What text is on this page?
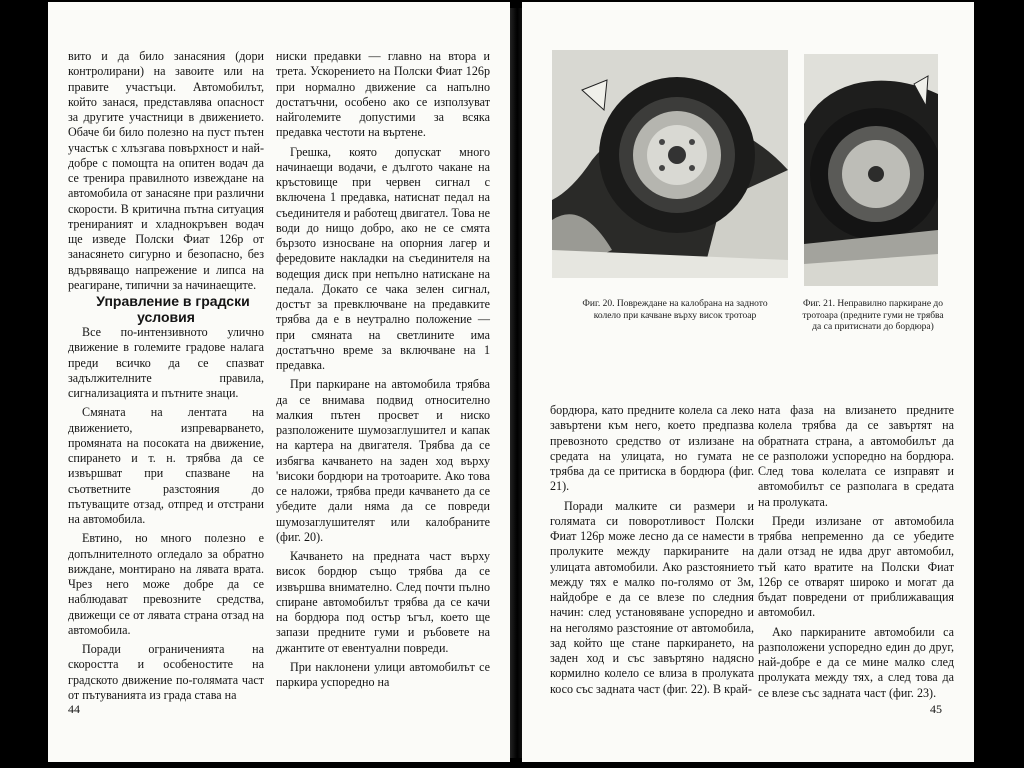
вито и да било занасяния (дори контролирани) на завоите или на правите участъци. Автомобилът, който занася, представлява опасност за другите участници в движението. Обаче би било полезно на пуст пътен участък с хлъзгава повърхност и най-добре с помощта на опитен водач да се тренира правилното извеждане на автомобила от занасяне при различни скорости. В критична пътна ситуация тренираният и хладнокръвен водач ще изведе Полски Фиат 126р от занасянето сигурно и безопасно, без вдървяващо напрежение и липса на реагиране, типични за начинаещите.

Управление в градски условия

Все по-интензивното улично движение в големите градове налага преди всичко да се спазват задължителните правила, сигнализацията и пътните знаци.

Смяната на лентата на движението, изпреварването, промяната на посоката на движение, спирането и т. н. трябва да се извършват при спазване на съответните разстояния до пътуващите отзад, отпред и отстрани на автомобила.

Евтино, но много полезно е допълнителното огледало за обратно виждане, монтирано на лявата врата. Чрез него може добре да се наблюдават превозните средства, движещи се от лявата страна отзад на автомобила.

Поради ограниченията на скоростта и особеностите на градското движение по-голямата част от пътуванията из града става на

ниски предавки — главно на втора и трета. Ускорението на Полски Фиат 126р при нормално движение са напълно достатъчни, особено ако се използуват найголемите допустими за всяка предавка честоти на въртене.

Грешка, която допускат много начинаещи водачи, е дългото чакане на кръстовище при червен сигнал с включена 1 предавка, натиснат педал на съединителя и работещ двигател. Това не води до нищо добро, ако не се смята бързото износване на опорния лагер и фередовите накладки на съединителя на водещия диск при непълно натискане на педала. Докато се чака зелен сигнал, достът за превключване на предавките трябва да е в неутрално положение — при смяната на светлините има достатъчно време за включване на 1 предавка.

При паркиране на автомобила трябва да се внимава подвид относително малкия пътен просвет и ниско разположените шумозаглушител и капак на картера на двигателя. Трябва да се избягва качването на заден ход върху 'високи бордюри на тротоарите. Ако това се наложи, трябва преди качването да се убедите дали няма да се повреди шумозаглушителят или калобраните (фиг. 20).

Качването на предната част върху висок бордюр също трябва да се извършва внимателно. След почти пълно спиране автомобилът трябва да се качи на бордюра под остър ъгъл, което ще запази предните гуми и ръбовете на джантите от евентуални повреди.

При наклонени улици автомобилът се паркира успоредно на

44
Фиг. 20. Повреждане на калобрана на задното колело при качване върху висок тротоар
Фиг. 21. Неправилно паркиране до тротоара (предните гуми не трябва да са притиснати до бордюра)

бордюра, като предните колела са леко завъртени към него, което предпазва превозното средство от излизане на средата на улицата, но гумата не трябва да се притиска в бордюра (фиг. 21).

Поради малките си размери и голямата си поворотливост Полски Фиат 126р може лесно да се намести в пролуките между паркираните на улицата автомобили. Ако разстоянието между тях е малко по-голямо от 3м, найдобре е да се влезе по следния начин: след установяване успоредно и на неголямо разстояние от автомобила, зад който ще стане паркирането, на заден ход и със завъртяно надясно кормилно колело се влиза в пролуката косо със задната част (фиг. 22). В край-

ната фаза на влизането предните колела трябва да се завъртят на обратната страна, а автомобилът да се разположи успоредно на бордюра. След това колелата се изправят и автомобилът се разполага в средата на пролуката.

Преди излизане от автомобила трябва непременно да се убедите дали отзад не идва друг автомобил, тъй като вратите на Полски Фиат 126р се отварят широко и могат да бъдат повредени от приближаващия автомобил.

Ако паркираните автомобили са разположени успоредно един до друг, най-добре е да се мине малко след пролуката между тях, а след това да се влезе със задната част (фиг. 23).

45
